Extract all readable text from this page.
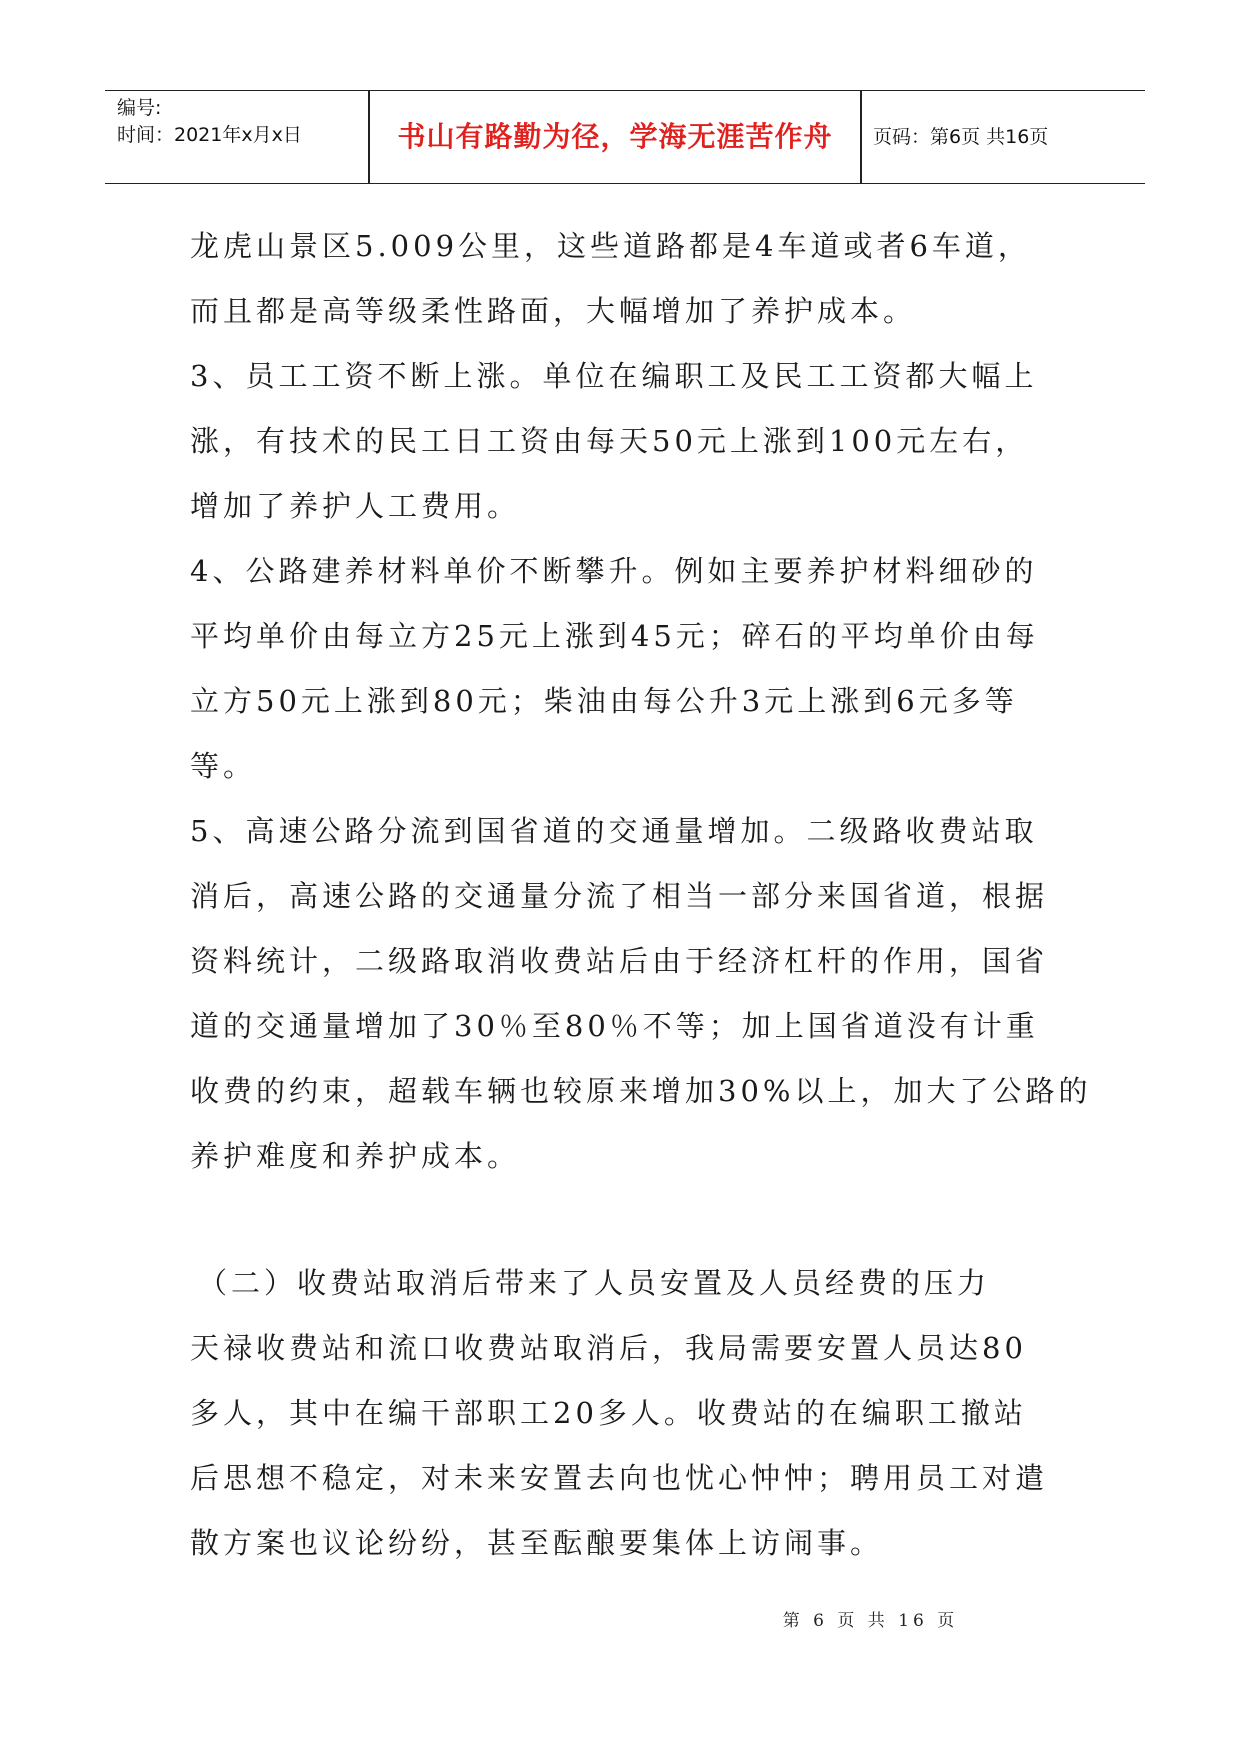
编号:
时间：2021年x月x日	书山有路勤为径，学海无涯苦作舟	页码：第6页 共16页
龙虎山景区5.009公里，这些道路都是4车道或者6车道，
而且都是高等级柔性路面，大幅增加了养护成本。
3、员工工资不断上涨。单位在编职工及民工工资都大幅上
涨，有技术的民工日工资由每天50元上涨到100元左右，
增加了养护人工费用。
4、公路建养材料单价不断攀升。例如主要养护材料细砂的
平均单价由每立方25元上涨到45元；碎石的平均单价由每
立方50元上涨到80元；柴油由每公升3元上涨到6元多等
等。
5、高速公路分流到国省道的交通量增加。二级路收费站取
消后，高速公路的交通量分流了相当一部分来国省道，根据
资料统计，二级路取消收费站后由于经济杠杆的作用，国省
道的交通量增加了30％至80％不等；加上国省道没有计重
收费的约束，超载车辆也较原来增加30%以上，加大了公路的
养护难度和养护成本。
（二）收费站取消后带来了人员安置及人员经费的压力
天禄收费站和流口收费站取消后，我局需要安置人员达80
多人，其中在编干部职工20多人。收费站的在编职工撤站
后思想不稳定，对未来安置去向也忧心忡忡；聘用员工对遣
散方案也议论纷纷，甚至酝酿要集体上访闹事。
第 6 页 共 16 页
